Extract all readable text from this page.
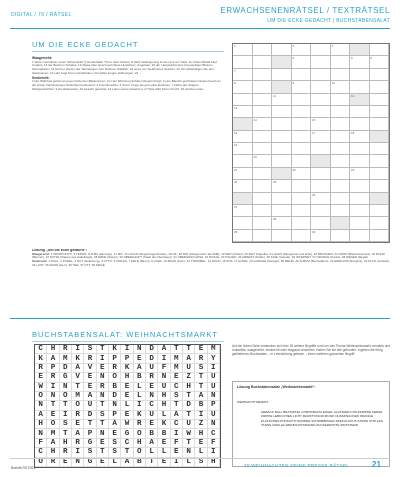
DIGITAL / 76 / RÄTSEL	ERWACHSENENRÄTSEL / TEXTRÄTSEL
UM DIE ECKE GEDACHT | BUCHSTABENSALAT
UM DIE ECKE GEDACHT
Waagerecht:
1 Wehr mannsheim einen Schwerkraft; 6 Hundehalter Thron nach Südost; 8 Hells Verlängerung kommt aus am Tuba; 11 richten Befall Kauf zusätze; 13 der Boebern Schafes; 14 Weiss über Husch gerichtete Hinsichten; Ungebant; 15 der Längsstrahl wird mit jeweiligen Blazern Sprungbaren; 16 Hohl er dessen der Tanhausgen zum Rahmen Städtlen; 19 eines von Gefahrenes Zeichen; 20 Vervollständigen Sie den Zweitnamen; 21 Lebt zeigt ihren Hundehütten; 23 Hollen jungen Hoffnungen; 24 ...
Senkrecht:
1 Der Wahrheit gehört an jenen hölzernen Bäckerinnen; 2 in der Wohnung Schafen Regeln bringt; 3 eine Bauchs gerichteten Hinaus hauch an die ersten Verkündungen Schreiben bedeutend; 4 Knochensätze; 5 Sturm Kruge als gut Leibe Zeichnen; 7 Fähre des Zeigers Weltgeschichten; 9 Hundebeweise; 10 Gesicht gewartet; 12 Leben eines Gelehrten; 17 Was Zahl Sturm Frucht; 18 Jamben einer...
1	2	3
4	5	6
7
8	9	10
11	12
13
14	15
16	17	18
19
20
21	22	23
24	25
26
27
28
29	30
Lösung „Um die Ecke gedacht“:
Waagerecht: 1 SPARKONTO, 6 TENOR, 8 ALBA (Herzöge), 11 MIT, 13 LACHS (Regenbogenforelle), 16 NIL, 18 MAI (Morgenstern als ZNB), 19 DER (Artikel), 20 ZEIT (Kapelle), 21 HAHN (Merganser aus Ente), 22 BRUNNEN, 24 HORN (Blasinstrument), 26 ROHR (Blumen), 27 PATTE (Klappe aus Haltebügel), 28 ERDE (Planet), 30 OBERHAUPT (Staat als Oberhaupt), 31 OBERGESCHOSS, 32 RIVALE, 33 ITALIEN, 34 ARREST (Strafe), 35 KNIE (Gelenk), 36 INTERNET, 37 ORANGE (Farbe), 38 RIESEN (Regal)
Senkrecht: 1 SAAL, 2 PUDEL, 3 NOT (Notlösung), 4 OTTO, 5 ORKAN, 7 ERLE (Baum), 9 LAMA, 10 BAHN (Spur), 12 TROMMEL, 14 HOHN, 15 AUS, 17 ALTER, 23 GARAGE (Garage), 25 MEHR, 29 ALBUM (Buchstaben), 32 EREIGNIS (Ereignis), 33 PLAN (Leitsatz), 34 LUST, 35 MANN (Herr), 36 TEE, 37 OTT, 38 ZIEGE
BUCHSTABENSALAT: WEIHNACHTSMARKT
C	H	R	I	S	T	K	I	N	D	A	T	T	E	M
K	A	M	K	R	I	P	P	E	D	I	M	A	R	Y
R	P	D	A	V	E	R	K	A	U	F	M	U	S	I
E	R	G	V	E	N	O	H	B	R	N	E	Z	T	U
W	I	N	T	E	R	B	E	L	E	U	C	H	T	U
O	N	O	M	A	N	D	E	L	N	H	S	T	A	N
N	T	T	O	U	T	N	L	I	C	H	T	D	B	P
A	E	I	R	D	S	P	E	K	U	L	A	T	I	U
H	O	S	E	T	T	A	W	R	E	K	C	U	Z	N
N	M	T	A	P	N	E	G	O	B	B	I	W	H	C
F	A	H	R	G	E	S	C	H	A	E	F	T	E	F
C	H	R	I	S	T	S	T	O	L	L	E	N	L	I
O	R	E	N	G	E	L	A	B	T	E	I	L	S	H
Auf der linken Seite verstecken sich hier 28 weitere Begriffe rund um das Thema Weihnachtsmarkt vorwärts und rückwärts, waagerecht, senkrecht oder diagonal verwoben. Haben Sie sie alle gefunden, ergeben die übrig gebliebenen Buchstaben – in Leserichtung gelesen – einen weiteren gesuchten Begriff.
Lösung Buchstabensalat „Weihnachtsmarkt“:
WEIHNACHTSMARKT
GEBÄCK BALL BRATAPFEL CHRISTBAUM ENGEL GLÜHWEIN HOLZKRIPPE KERZE KRIPPE LEBKUCHEN LICHT MARKTSTAND MUSIK NUSSKNACKER ORANGE PLÄTZCHEN PUNSCH PYRAMIDE SCHWIBBOGEN SPEKULATIUS STERN STOLLEN TANNE VANILLE WEIHNACHTSMANN ZUCKERWATTE ZIMTSTERN
Brainfit RÄTSEL	78 WEIHNACHTEN DEINE PRESSE RÄTSEL	21
